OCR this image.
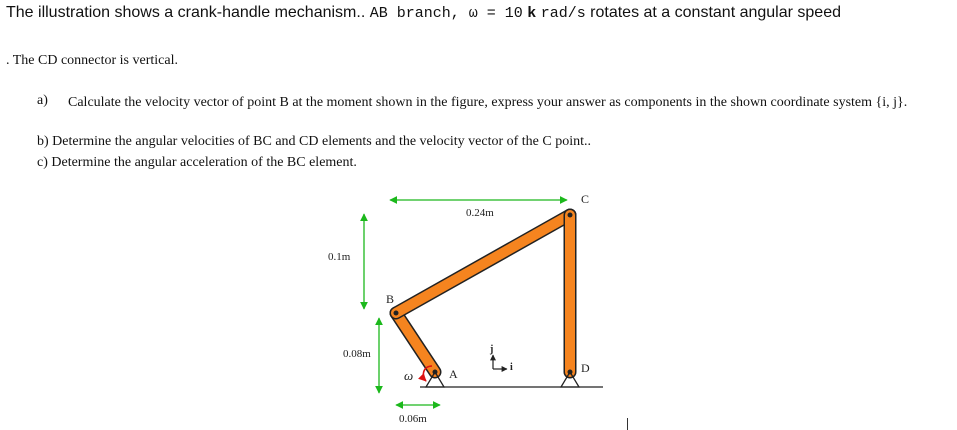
The illustration shows a crank-handle mechanism.. AB branch, ω = 10 k rad/s rotates at a constant angular speed
. The CD connector is vertical.
a) Calculate the velocity vector of point B at the moment shown in the figure, express your answer as components in the shown coordinate system {i, j}.
b) Determine the angular velocities of BC and CD elements and the velocity vector of the C point..
c) Determine the angular acceleration of the BC element.
ω
B
C
A	D
0.24m
0.1m
0.08m
0.06m
i
j
